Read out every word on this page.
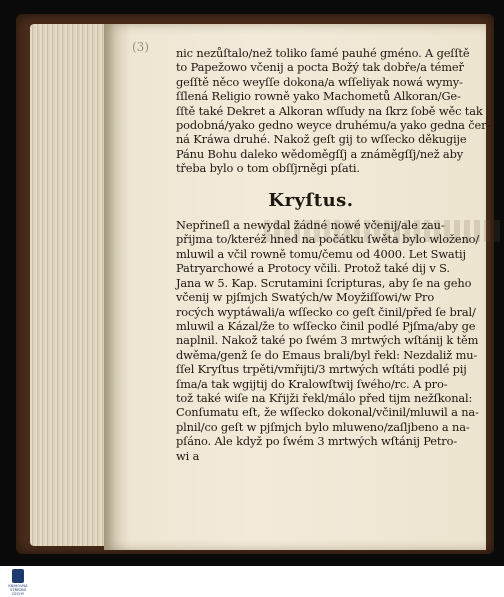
(3) nic nezůſtalo/než toliko ſamé pauhé gméno. A geſſtě
to Papežowo včenij a pocta Božý tak dobře/a témeř
geſſtě něco weyſſe dokona/a wſſeliyak nowá wymy-
ſſlená Religio rowně yako Machometů Alkoran/Ge-
ſſtě také Dekret a Alkoran wſſudy na ſkrz ſobě wěc tak
podobná/yako gedno weyce druhému/a yako gedna čer-
ná Kráwa druhé. Nakož geſt gij to wſſecko děkugije
Pánu Bohu daleko wědoměgſſj a známěgſſj/než aby
třeba bylo o tom obſſjrněgi pſati.
Kryſtus.
Nepřineſl a newydal žádné nowé včenij/ale zau-
přijma to/kteréž hned na počátku ſwěta bylo wloženo/
mluwil a včil rowně tomu/čemu od 4000. Let Swatij
Patryarchowé a Protocy včili. Protož také dij v S.
Jana w 5. Kap. Scrutamini ſcripturas, aby ſe na geho
včenij w pjſmjch Swatých/w Moyžiſſowi/w Pro
rocých wyptáwali/a wſſecko co geſt činil/před ſe bral/
mluwil a Kázal/že to wſſecko činil podlé Pjſma/aby ge
naplnil. Nakož také po ſwém 3 mrtwých wſtánij k těm
dwěma/genž ſe do Emaus brali/byl řekl: Nezdaliž mu-
ſſel Kryſtus trpěti/vmřijti/3 mrtwých wſtáti podlé pij
ſma/a tak wgijtij do Kralowſtwij ſwého/rc. A pro-
tož také wiſe na Křijži řekl/málo před tijm nežſkonal:
Conſumatu eſt, že wſſecko dokonal/včinil/mluwil a na-
plnil/co geſt w pjſmjch bylo mluweno/zaſljbeno a na-
pſáno. Ale když po ſwém 3 mrtwých wſtánij Petro-
wi a
KNIHOVNA
STŘEDNÍ
ČECHY
